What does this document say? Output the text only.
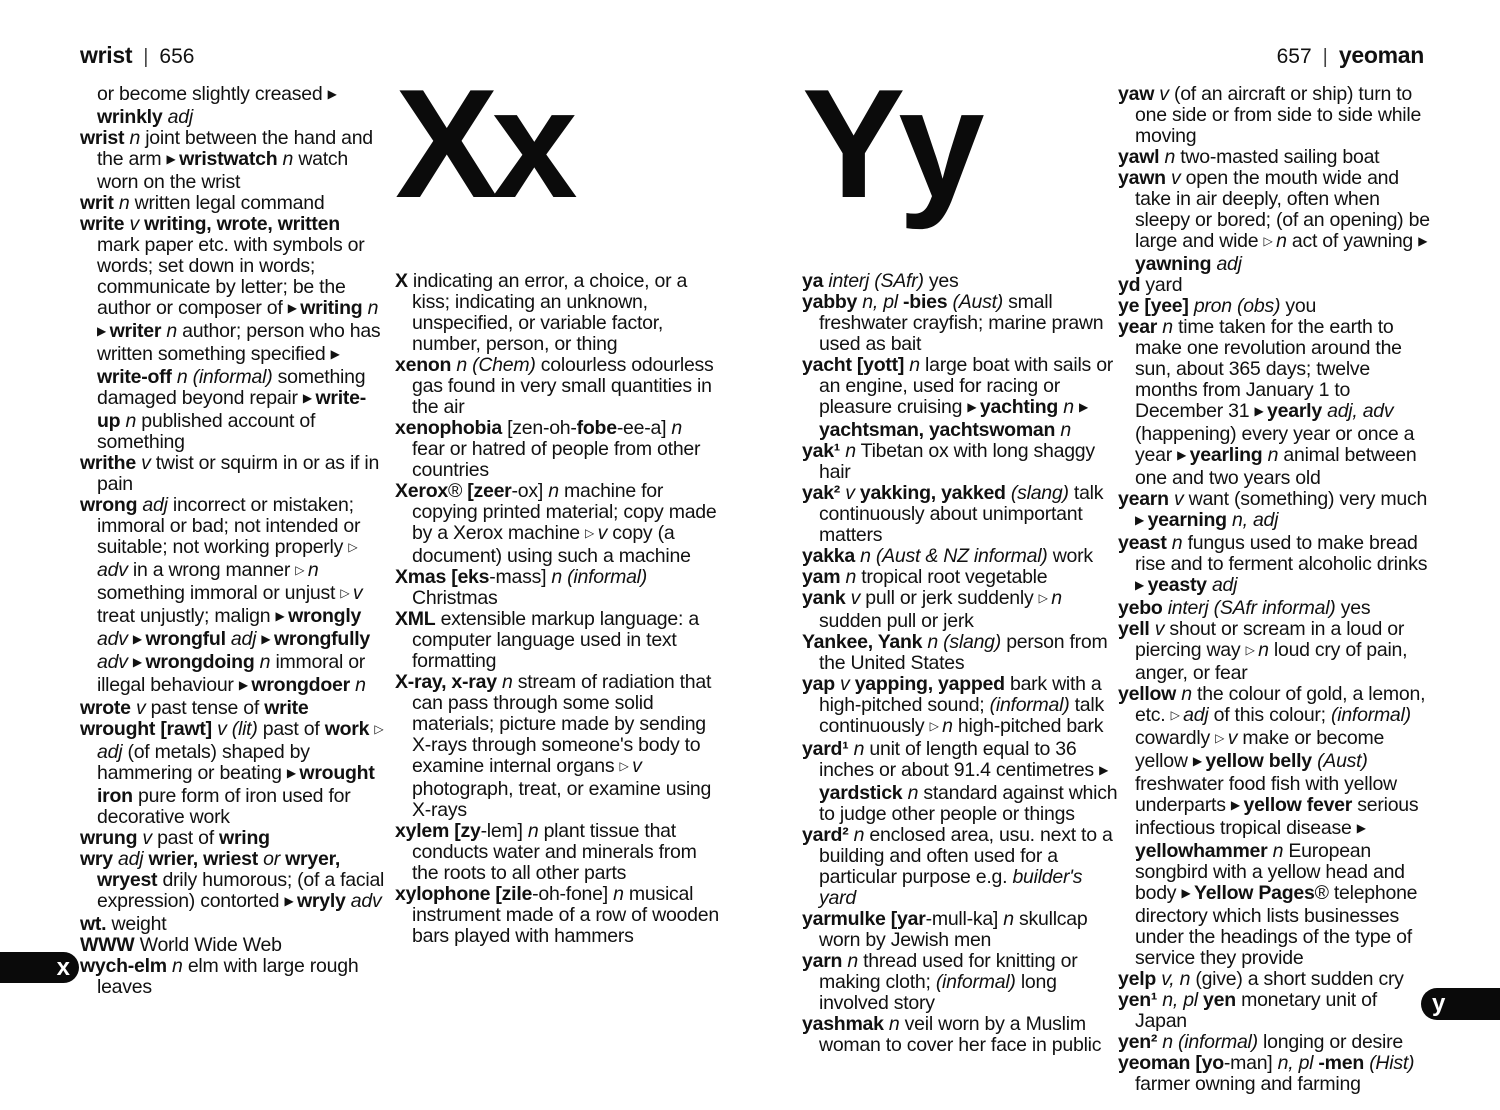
wrist | 656	657 | yeoman
or become slightly creased ▶ wrinkly adj
wrist n joint between the hand and the arm ▶ wristwatch n watch worn on the wrist
writ n written legal command
write v writing, wrote, written mark paper etc. with symbols or words; set down in words; communicate by letter; be the author or composer of ▶ writing n ▶ writer n author; person who has written something specified ▶ write-off n (informal) something damaged beyond repair ▶ write-up n published account of something
writhe v twist or squirm in or as if in pain
wrong adj incorrect or mistaken; immoral or bad; not intended or suitable; not working properly ▷ adv in a wrong manner ▷ n something immoral or unjust ▷ v treat unjustly; malign ▶ wrongly adv ▶ wrongful adj ▶ wrongfully adv ▶ wrongdoing n immoral or illegal behaviour ▶ wrongdoer n
wrote v past tense of write
wrought [rawt] v (lit) past of work ▷ adj (of metals) shaped by hammering or beating ▶ wrought iron pure form of iron used for decorative work
wrung v past of wring
wry adj wrier, wriest or wryer, wryest drily humorous; (of a facial expression) contorted ▶ wryly adv
wt. weight
WWW World Wide Web
wych-elm n elm with large rough leaves
Xx
X indicating an error, a choice, or a kiss; indicating an unknown, unspecified, or variable factor, number, person, or thing
xenon n (Chem) colourless odourless gas found in very small quantities in the air
xenophobia [zen-oh-fobe-ee-a] n fear or hatred of people from other countries
Xerox® [zeer-ox] n machine for copying printed material; copy made by a Xerox machine ▷ v copy (a document) using such a machine
Xmas [eks-mass] n (informal) Christmas
XML extensible markup language: a computer language used in text formatting
X-ray, x-ray n stream of radiation that can pass through some solid materials; picture made by sending X-rays through someone's body to examine internal organs ▷ v photograph, treat, or examine using X-rays
xylem [zy-lem] n plant tissue that conducts water and minerals from the roots to all other parts
xylophone [zile-oh-fone] n musical instrument made of a row of wooden bars played with hammers
Yy
ya interj (SAfr) yes
yabby n, pl -bies (Aust) small freshwater crayfish; marine prawn used as bait
yacht [yott] n large boat with sails or an engine, used for racing or pleasure cruising ▶ yachting n ▶ yachtsman, yachtswoman n
yak¹ n Tibetan ox with long shaggy hair
yak² v yakking, yakked (slang) talk continuously about unimportant matters
yakka n (Aust & NZ informal) work
yam n tropical root vegetable
yank v pull or jerk suddenly ▷ n sudden pull or jerk
Yankee, Yank n (slang) person from the United States
yap v yapping, yapped bark with a high-pitched sound; (informal) talk continuously ▷ n high-pitched bark
yard¹ n unit of length equal to 36 inches or about 91.4 centimetres ▶ yardstick n standard against which to judge other people or things
yard² n enclosed area, usu. next to a building and often used for a particular purpose e.g. builder's yard
yarmulke [yar-mull-ka] n skullcap worn by Jewish men
yarn n thread used for knitting or making cloth; (informal) long involved story
yashmak n veil worn by a Muslim woman to cover her face in public
yaw v (of an aircraft or ship) turn to one side or from side to side while moving
yawl n two-masted sailing boat
yawn v open the mouth wide and take in air deeply, often when sleepy or bored; (of an opening) be large and wide ▷ n act of yawning ▶ yawning adj
yd yard
ye [yee] pron (obs) you
year n time taken for the earth to make one revolution around the sun, about 365 days; twelve months from January 1 to December 31 ▶ yearly adj, adv (happening) every year or once a year ▶ yearling n animal between one and two years old
yearn v want (something) very much ▶ yearning n, adj
yeast n fungus used to make bread rise and to ferment alcoholic drinks ▶ yeasty adj
yebo interj (SAfr informal) yes
yell v shout or scream in a loud or piercing way ▷ n loud cry of pain, anger, or fear
yellow n the colour of gold, a lemon, etc. ▷ adj of this colour; (informal) cowardly ▷ v make or become yellow ▶ yellow belly (Aust) freshwater food fish with yellow underparts ▶ yellow fever serious infectious tropical disease ▶ yellowhammer n European songbird with a yellow head and body ▶ Yellow Pages® telephone directory which lists businesses under the headings of the type of service they provide
yelp v, n (give) a short sudden cry
yen¹ n, pl yen monetary unit of Japan
yen² n (informal) longing or desire
yeoman [yo-man] n, pl -men (Hist) farmer owning and farming
x
y
